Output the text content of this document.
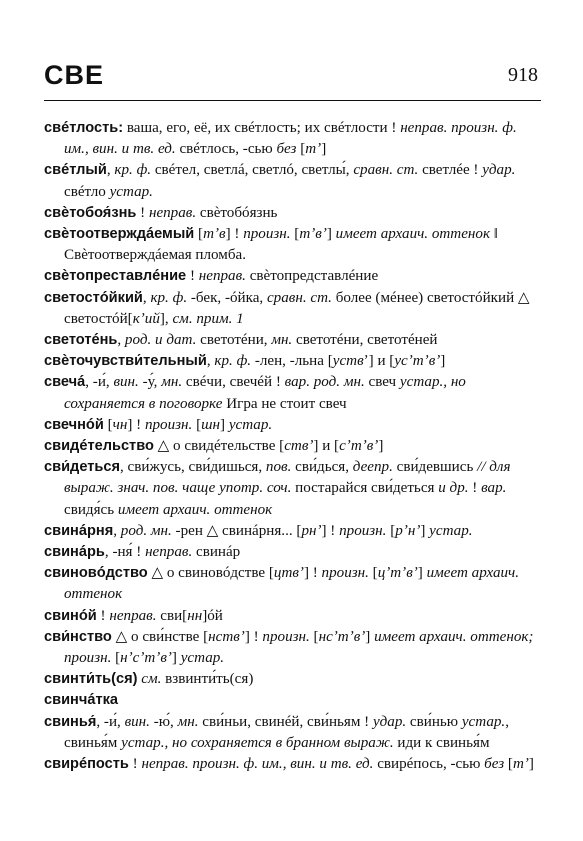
СВЕ	918

свéтлость: ваша, его, её, их свéтлость; их свéтлости ! неправ. произн. ф. им., вин. и тв. ед. свéтлось, -сью без [тʼ]

свéтлый, кр. ф. свéтел, светлá, светлó, светлы́, сравн. ст. светлéе ! удар. свéтло устар.

свѐтобоя́знь ! неправ. свѐтобóязнь

свѐтоотверждáемый [тʼв] ! произн. [тʼвʼ] имеет архаич. оттенок ‖ Свѐтоотверждáемая пломба.

свѐтопреставлéние ! неправ. свѐтопредставлéние

светостóйкий, кр. ф. -бек, -óйка, сравн. ст. более (мéнее) светостóйкий △ светостóй[кʼий], см. прим. 1

светотéнь, род. и дат. светотéни, мн. светотéни, светотéней

свѐточувстви́тельный, кр. ф. -лен, -льна [уствʼ] и [усʼтʼвʼ]

свечá, -и́, вин. -у́, мн. свéчи, свечéй ! вар. род. мн. свеч устар., но сохраняется в поговорке Игра не стоит свеч

свечнóй [чн] ! произн. [шн] устар.

свидéтельство △ о свидéтельстве [ствʼ] и [сʼтʼвʼ]

сви́деться, сви́жусь, сви́дишься, пов. сви́дься, деепр. сви́девшись // для выраж. знач. пов. чаще употр. соч. постарайся сви́деться и др. ! вар. свидя́сь имеет архаич. оттенок

свинáрня, род. мн. -рен △ свинáрня... [рнʼ] ! произн. [рʼнʼ] устар.

свинáрь, -ня́ ! неправ. свинáр

свиновóдство △ о свиновóдстве [цтвʼ] ! произн. [цʼтʼвʼ] имеет архаич. оттенок

свинóй ! неправ. сви[нн]óй

сви́нство △ о сви́нстве [нствʼ] ! произн. [нсʼтʼвʼ] имеет архаич. оттенок; произн. [нʼсʼтʼвʼ] устар.

свинти́ть(ся) см. взвинти́ть(ся)

свинчáтка

свинья́, -и́, вин. -ю́, мн. сви́ньи, свинéй, сви́ньям ! удар. сви́нью устар., свинья́м устар., но сохраняется в бранном выраж. иди к свинья́м

свирéпость ! неправ. произн. ф. им., вин. и тв. ед. свирéпось, -сью без [тʼ]
